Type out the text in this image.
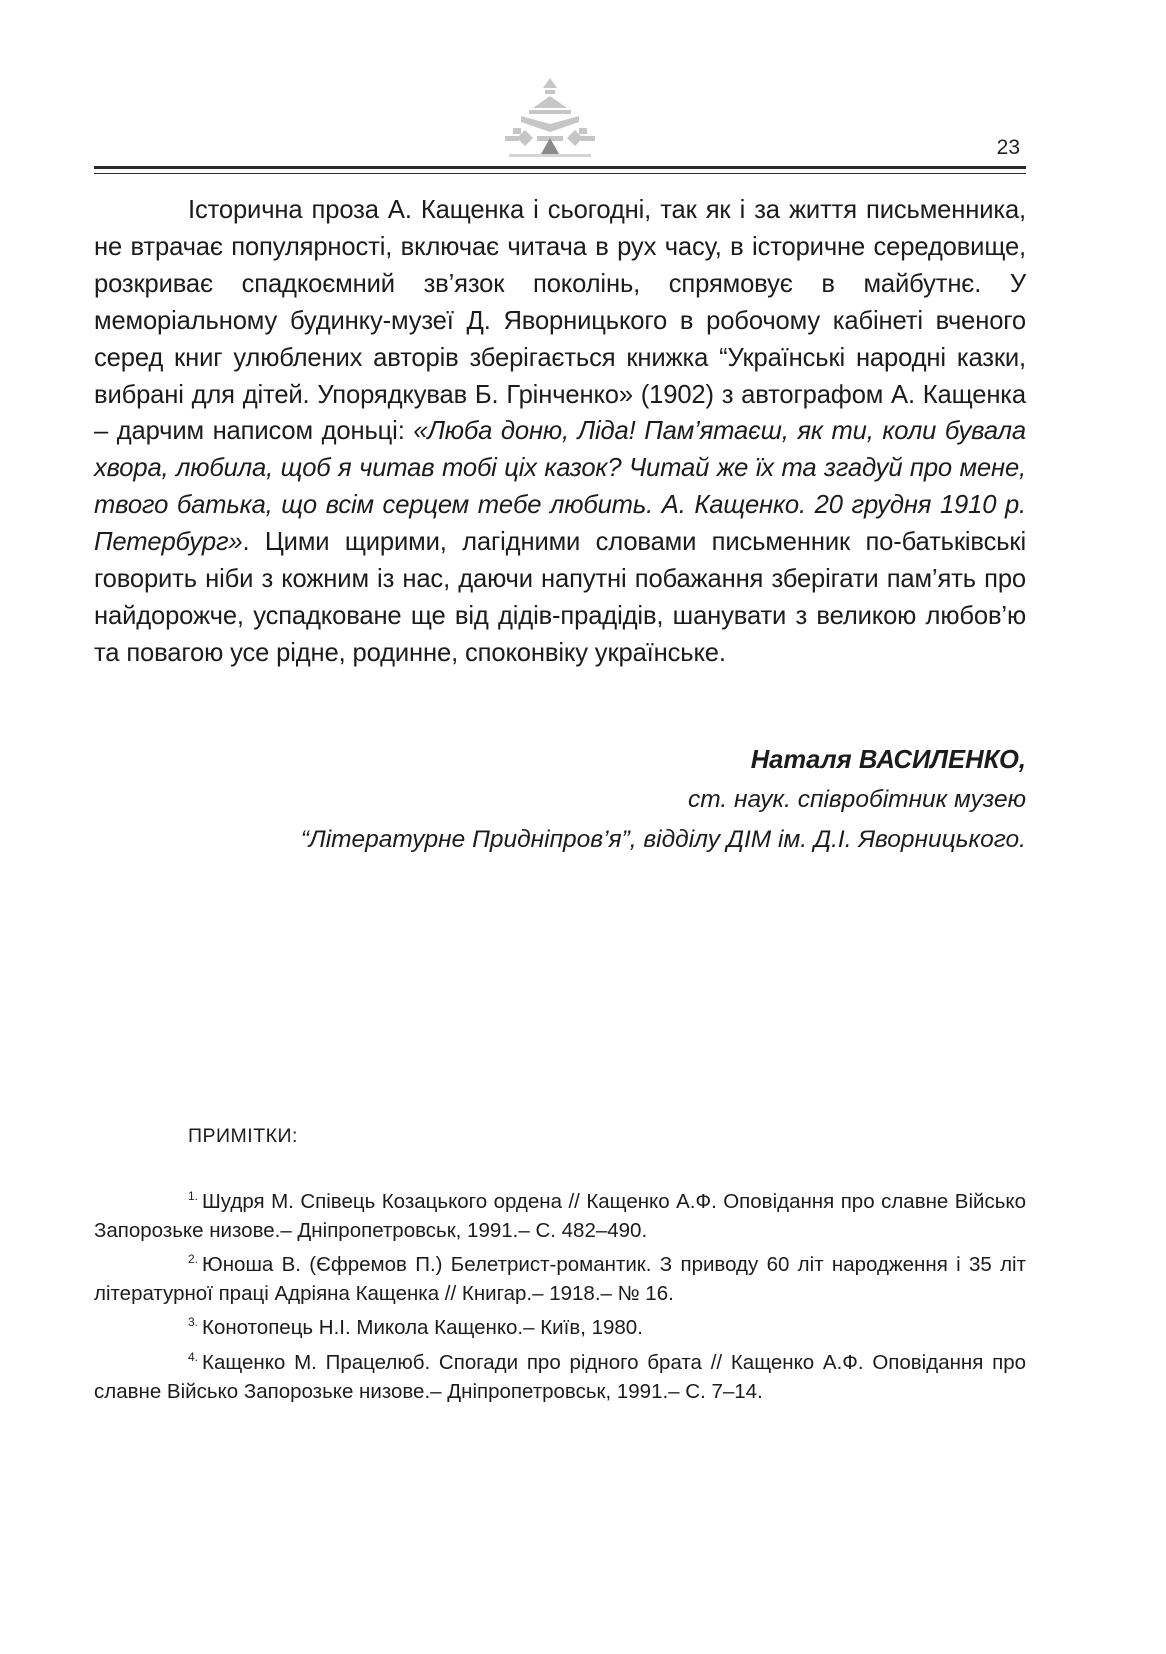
23

Історична проза А. Кащенка і сьогодні, так як і за життя письменника, не втрачає популярності, включає читача в рух часу, в історичне середовище, розкриває спадкоємний зв’язок поколінь, спрямовує в майбутнє. У меморіальному будинку-музеї Д. Яворницького в робочому кабінеті вченого серед книг улюблених авторів зберігається книжка “Українські народні казки, вибрані для дітей. Упорядкував Б. Грінченко» (1902) з автографом А. Кащенка – дарчим написом доньці: «Люба доню, Ліда! Пам’ятаєш, як ти, коли бувала хвора, любила, щоб я читав тобі ціх казок? Читай же їх та згадуй про мене, твого батька, що всім серцем тебе любить. А. Кащенко. 20 грудня 1910 р. Петербург». Цими щирими, лагідними словами письменник по-батьківські говорить ніби з кожним із нас, даючи напутні побажання зберігати пам’ять про найдорожче, успадковане ще від дідів-прадідів, шанувати з великою любов’ю та повагою усе рідне, родинне, споконвіку українське.

Наталя ВАСИЛЕНКО,
ст. наук. співробітник музею
“Літературне Придніпров’я”, відділу ДІМ ім. Д.І. Яворницького.
ПРИМІТКИ:

$^{1.}$ Шудря М. Співець Козацького ордена // Кащенко А.Ф. Оповідання про славне Військо Запорозьке низове.– Дніпропетровськ, 1991.– С. 482–490.

$^{2.}$ Юноша В. (Єфремов П.) Белетрист-романтик. З приводу 60 літ народження і 35 літ літературної праці Адріяна Кащенка // Книгар.– 1918.– № 16.

$^{3.}$ Конотопець Н.І. Микола Кащенко.– Київ, 1980.

$^{4.}$ Кащенко М. Працелюб. Спогади про рідного брата // Кащенко А.Ф. Оповідання про славне Військо Запорозьке низове.– Дніпропетровськ, 1991.– С. 7–14.
